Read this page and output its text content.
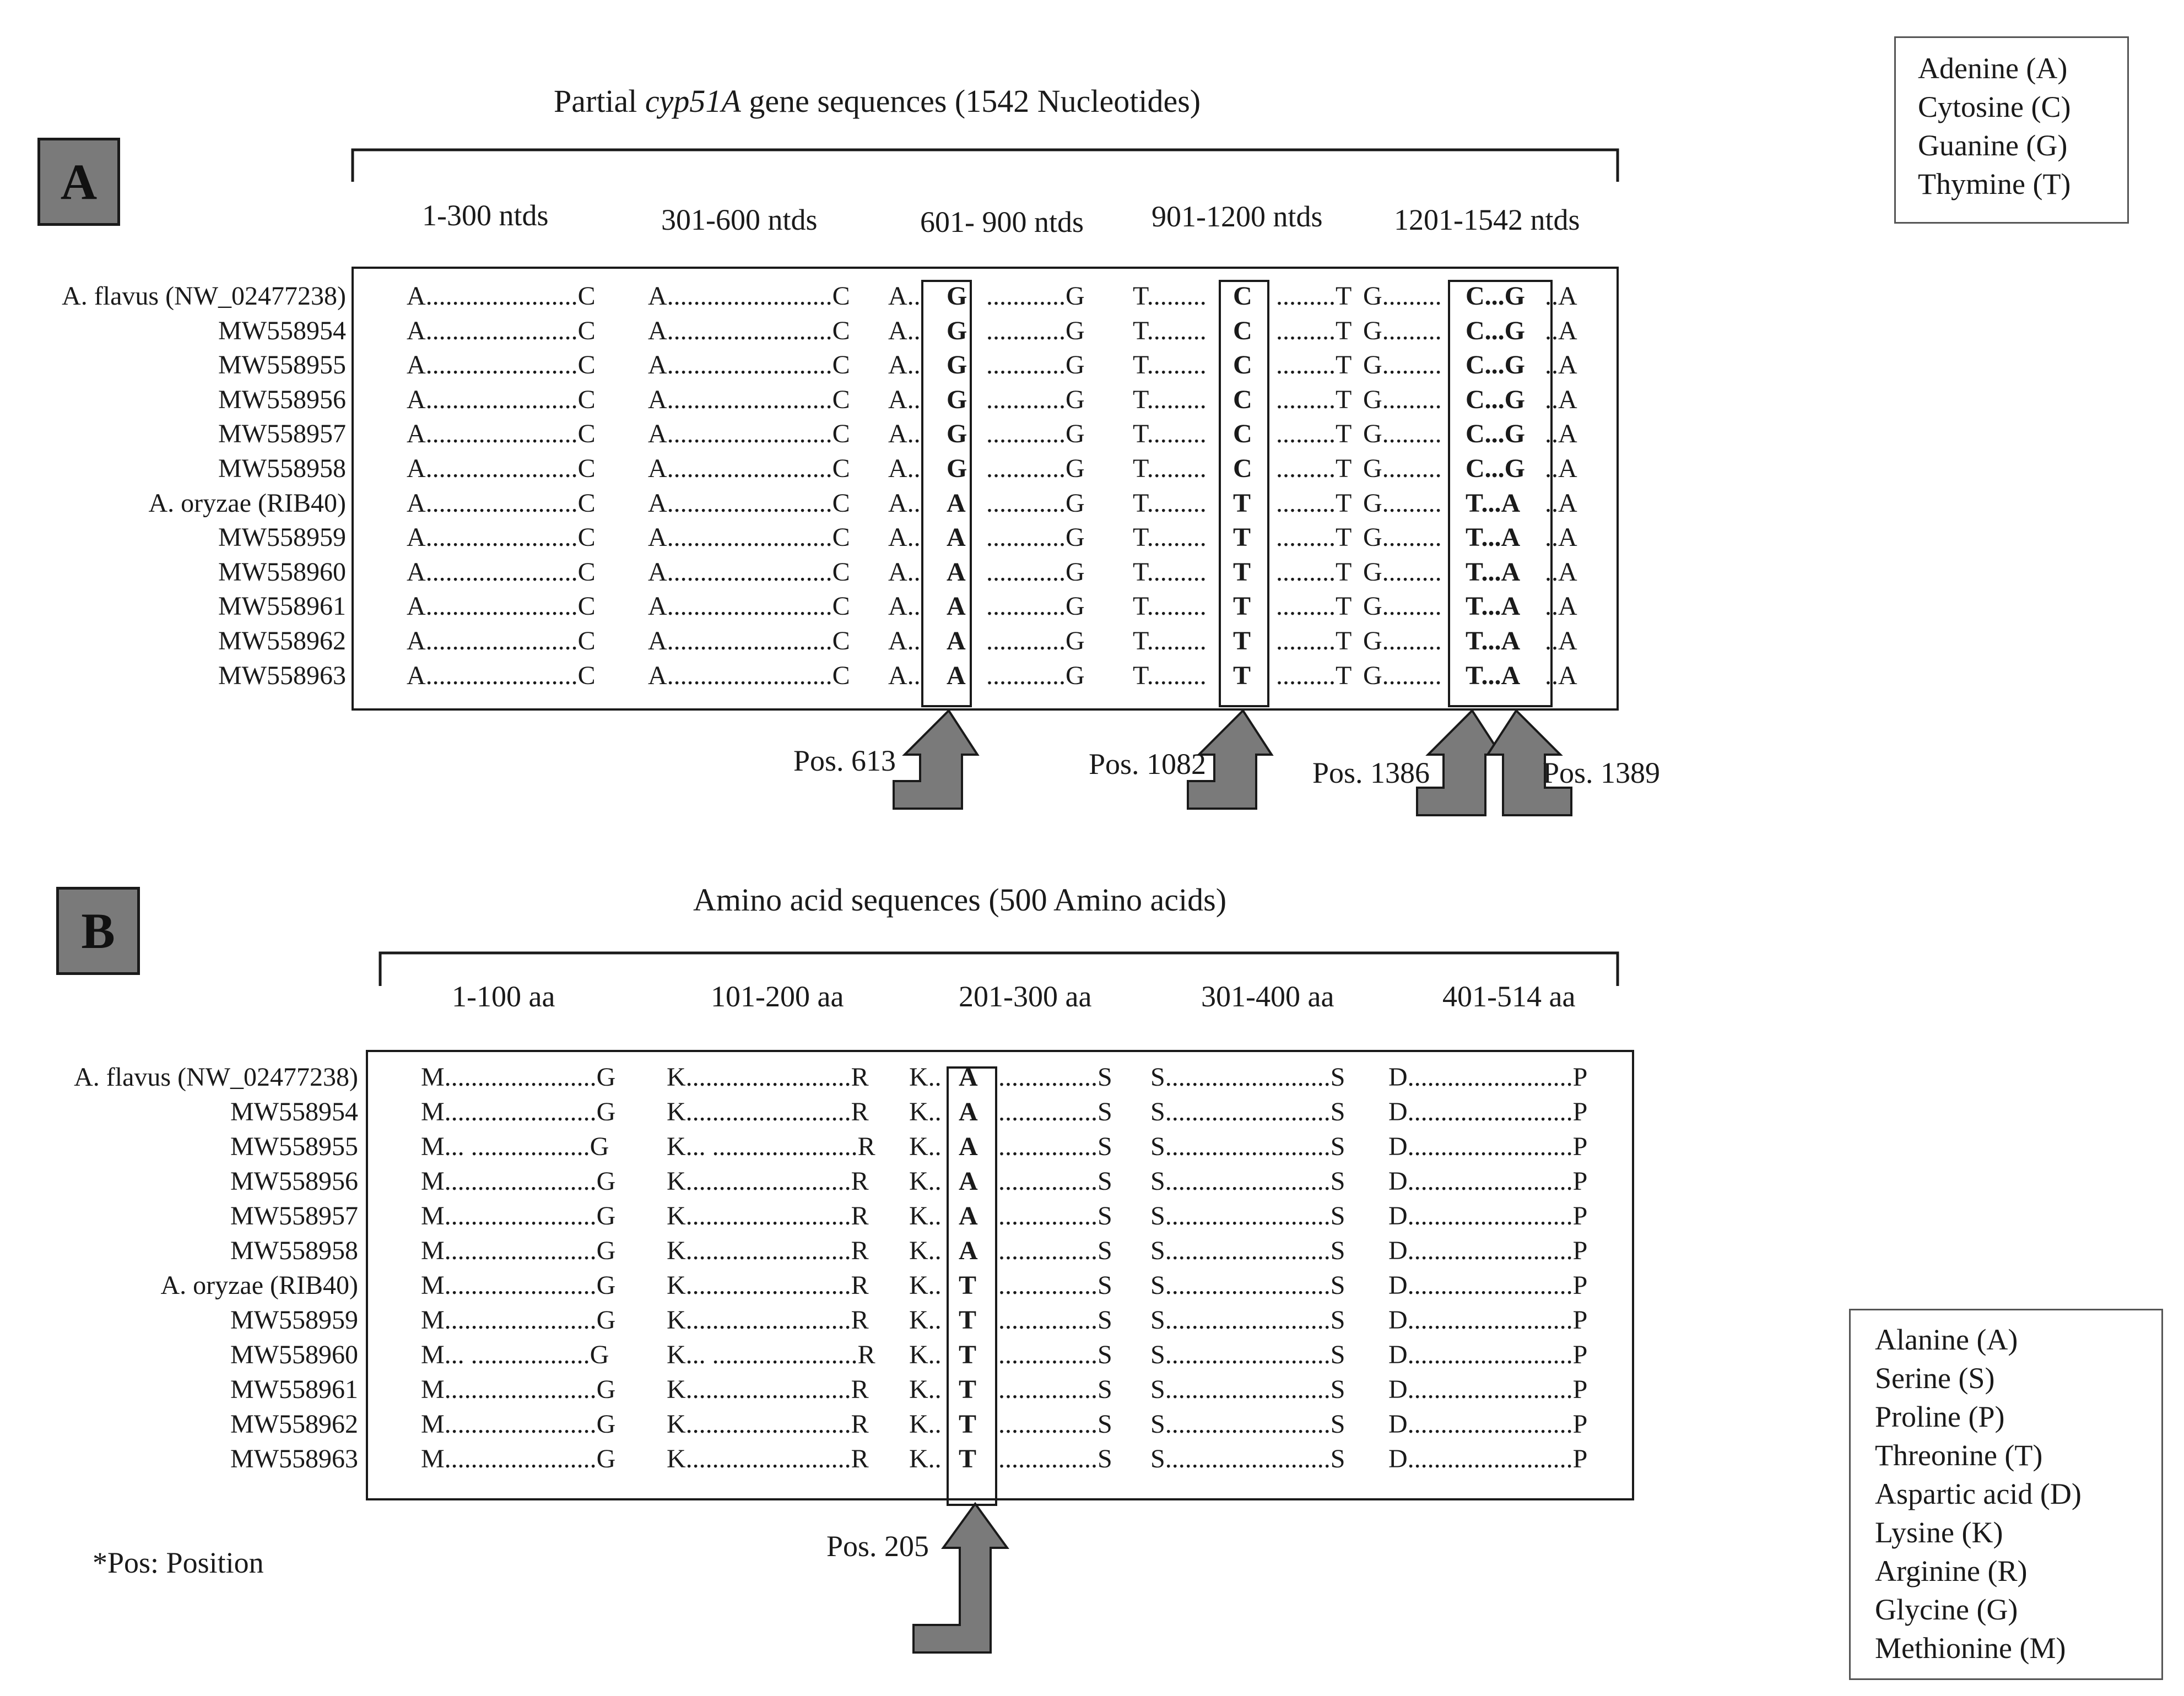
A
B
Partial cyp51A gene sequences (1542 Nucleotides)
1-300 ntds	301-600 ntds	601- 900 ntds 901-1200 ntds 1201-1542 ntds
Pos. 613	Pos. 1082	Pos. 1386	Pos. 1389
Adenine (A)
Cytosine (C)
Guanine (G)
Thymine (T)
Amino acid sequences (500 Amino acids)
1-100 aa	101-200 aa	201-300 aa	301-400 aa	401-514 aa
Pos. 205
*Pos: Position
Alanine (A)
Serine (S)
Proline (P)
Threonine (T)
Aspartic acid (D)
Lysine (K)
Arginine (R)
Glycine (G)
Methionine (M)
A. flavus (NW_02477238) A.......................C A.........................C A.. G ............G T......... C .........T G......... C...G ..A
MW558954 A.......................C A.........................C A.. G ............G T......... C .........T G......... C...G ..A
MW558955 A.......................C A.........................C A.. G ............G T......... C .........T G......... C...G ..A
MW558956 A.......................C A.........................C A.. G ............G T......... C .........T G......... C...G ..A
MW558957 A.......................C A.........................C A.. G ............G T......... C .........T G......... C...G ..A
MW558958 A.......................C A.........................C A.. G ............G T......... C .........T G......... C...G ..A
A. oryzae (RIB40) A.......................C A.........................C A.. A ............G T......... T .........T G......... T...A ..A
MW558959 A.......................C A.........................C A.. A ............G T......... T .........T G......... T...A ..A
MW558960 A.......................C A.........................C A.. A ............G T......... T .........T G......... T...A ..A
MW558961 A.......................C A.........................C A.. A ............G T......... T .........T G......... T...A ..A
MW558962 A.......................C A.........................C A.. A ............G T......... T .........T G......... T...A ..A
MW558963 A.......................C A.........................C A.. A ............G T......... T .........T G......... T...A ..A
A. flavus (NW_02477238) M.......................G K.........................R K.. A ...............S S.........................S D.........................P
MW558954 M.......................G K.........................R K.. A ...............S S.........................S D.........................P
MW558955 M... ..................G K... ......................R K.. A ...............S S.........................S D.........................P
MW558956 M.......................G K.........................R K.. A ...............S S.........................S D.........................P
MW558957 M.......................G K.........................R K.. A ...............S S.........................S D.........................P
MW558958 M.......................G K.........................R K.. A ...............S S.........................S D.........................P
A. oryzae (RIB40) M.......................G K.........................R K.. T ...............S S.........................S D.........................P
MW558959 M.......................G K.........................R K.. T ...............S S.........................S D.........................P
MW558960 M... ..................G K... ......................R K.. T ...............S S.........................S D.........................P
MW558961 M.......................G K.........................R K.. T ...............S S.........................S D.........................P
MW558962 M.......................G K.........................R K.. T ...............S S.........................S D.........................P
MW558963 M.......................G K.........................R K.. T ...............S S.........................S D.........................P
